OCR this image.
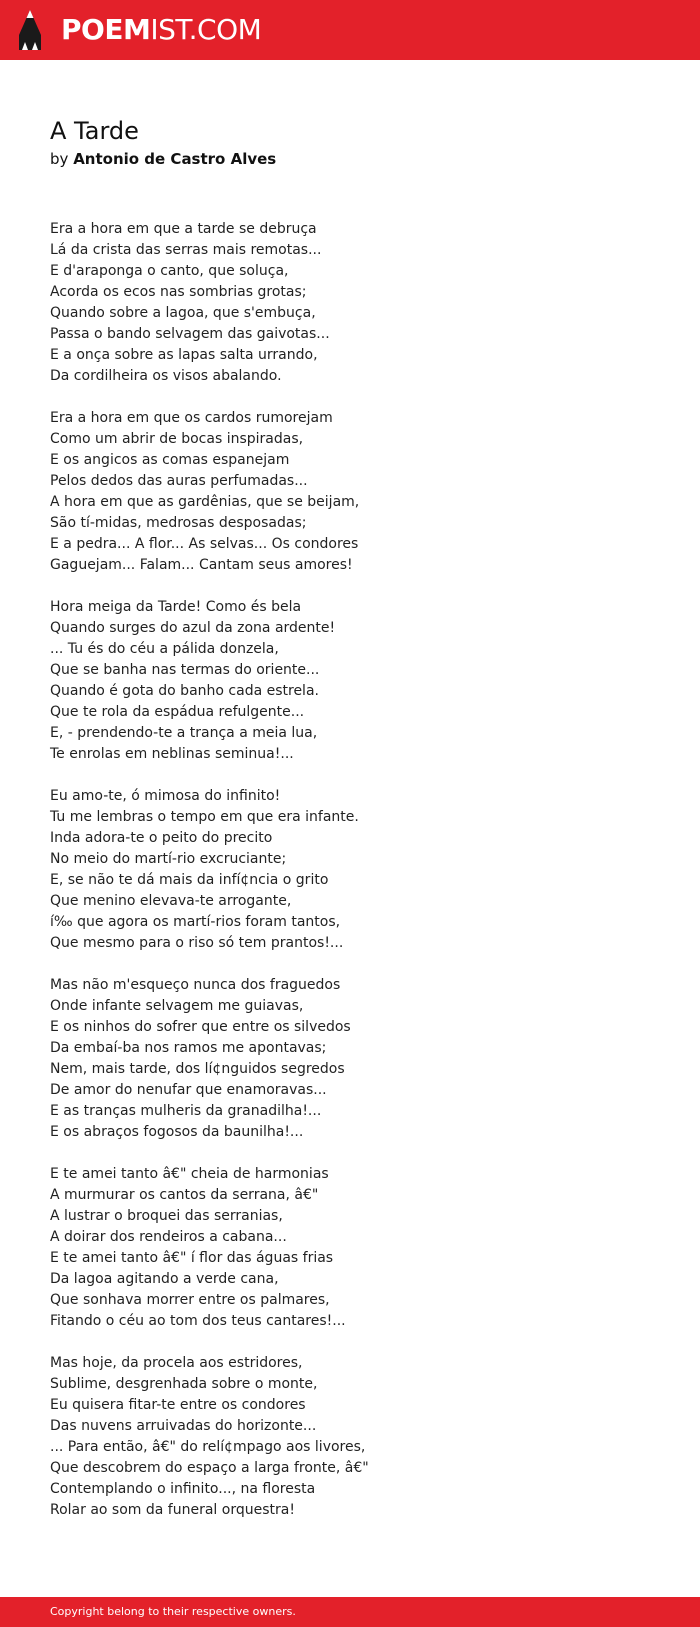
POEMIST.COM
A Tarde
by Antonio de Castro Alves
Era a hora em que a tarde se debruça
Lá da crista das serras mais remotas...
E d'araponga o canto, que soluça,
Acorda os ecos nas sombrias grotas;
Quando sobre a lagoa, que s'embuça,
Passa o bando selvagem das gaivotas...
E a onça sobre as lapas salta urrando,
Da cordilheira os visos abalando.
Era a hora em que os cardos rumorejam
Como um abrir de bocas inspiradas,
E os angicos as comas espanejam
Pelos dedos das auras perfumadas...
A hora em que as gardênias, que se beijam,
São tí-midas, medrosas desposadas;
E a pedra... A flor... As selvas... Os condores
Gaguejam... Falam... Cantam seus amores!
Hora meiga da Tarde! Como és bela
Quando surges do azul da zona ardente!
... Tu és do céu a pálida donzela,
Que se banha nas termas do oriente...
Quando é gota do banho cada estrela.
Que te rola da espádua refulgente...
E, - prendendo-te a trança a meia lua,
Te enrolas em neblinas seminua!...
Eu amo-te, ó mimosa do infinito!
Tu me lembras o tempo em que era infante.
Inda adora-te o peito do precito
No meio do martí-rio excruciante;
E, se não te dá mais da infí¢ncia o grito
Que menino elevava-te arrogante,
í‰ que agora os martí-rios foram tantos,
Que mesmo para o riso só tem prantos!...
Mas não m'esqueço nunca dos fraguedos
Onde infante selvagem me guiavas,
E os ninhos do sofrer que entre os silvedos
Da embaí-ba nos ramos me apontavas;
Nem, mais tarde, dos lí¢nguidos segredos
De amor do nenufar que enamoravas...
E as tranças mulheris da granadilha!...
E os abraços fogosos da baunilha!...
E te amei tanto â€" cheia de harmonias
A murmurar os cantos da serrana, â€"
A lustrar o broquei das serranias,
A doirar dos rendeiros a cabana...
E te amei tanto â€" í flor das águas frias
Da lagoa agitando a verde cana,
Que sonhava morrer entre os palmares,
Fitando o céu ao tom dos teus cantares!...
Mas hoje, da procela aos estridores,
Sublime, desgrenhada sobre o monte,
Eu quisera fitar-te entre os condores
Das nuvens arruivadas do horizonte...
... Para então, â€" do relí¢mpago aos livores,
Que descobrem do espaço a larga fronte, â€"
Contemplando o infinito..., na floresta
Rolar ao som da funeral orquestra!
Copyright belong to their respective owners.
